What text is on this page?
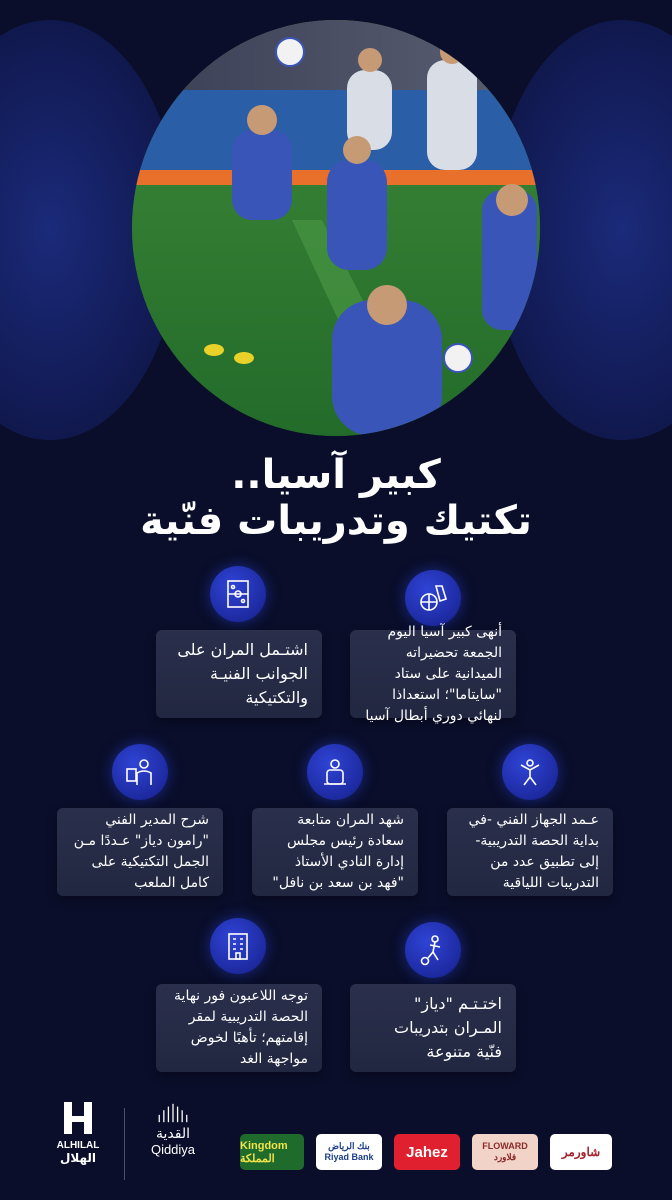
كبير آسيا..
تكتيك وتدريبات فنّية
أنهى كبير آسيا اليوم الجمعة تحضيراته الميدانية على ستاد "سايتاما"؛ استعداذا لنهائي دوري أبطال آسيا
اشتـمل المران على الجوانب الفنيـة والتكتيكية
عـمد الجهاز الفني -في بداية الحصة التدريبية- إلى تطبيق عدد من التدريبات اللياقية
شهد المران متابعة سعادة رئيس مجلس إدارة النادي الأستاذ "فهد بن سعد بن نافل"
شرح المدير الفني "رامون دياز" عـددًا مـن الجمل التكتيكية على كامل الملعب
اختـتـم "دياز" المـران بتدريبات فنّية متنوعة
توجه اللاعبون فور نهاية الحصة التدريبية لمقر إقامتهم؛ تأهبًا لخوض مواجهة الغد
ALHILAL
الهلال
القدية
Qiddiya	Kingdom المملكة
بنك الرياض Riyad Bank	Jahez	FLOWARD فلاورد	شاورمر
